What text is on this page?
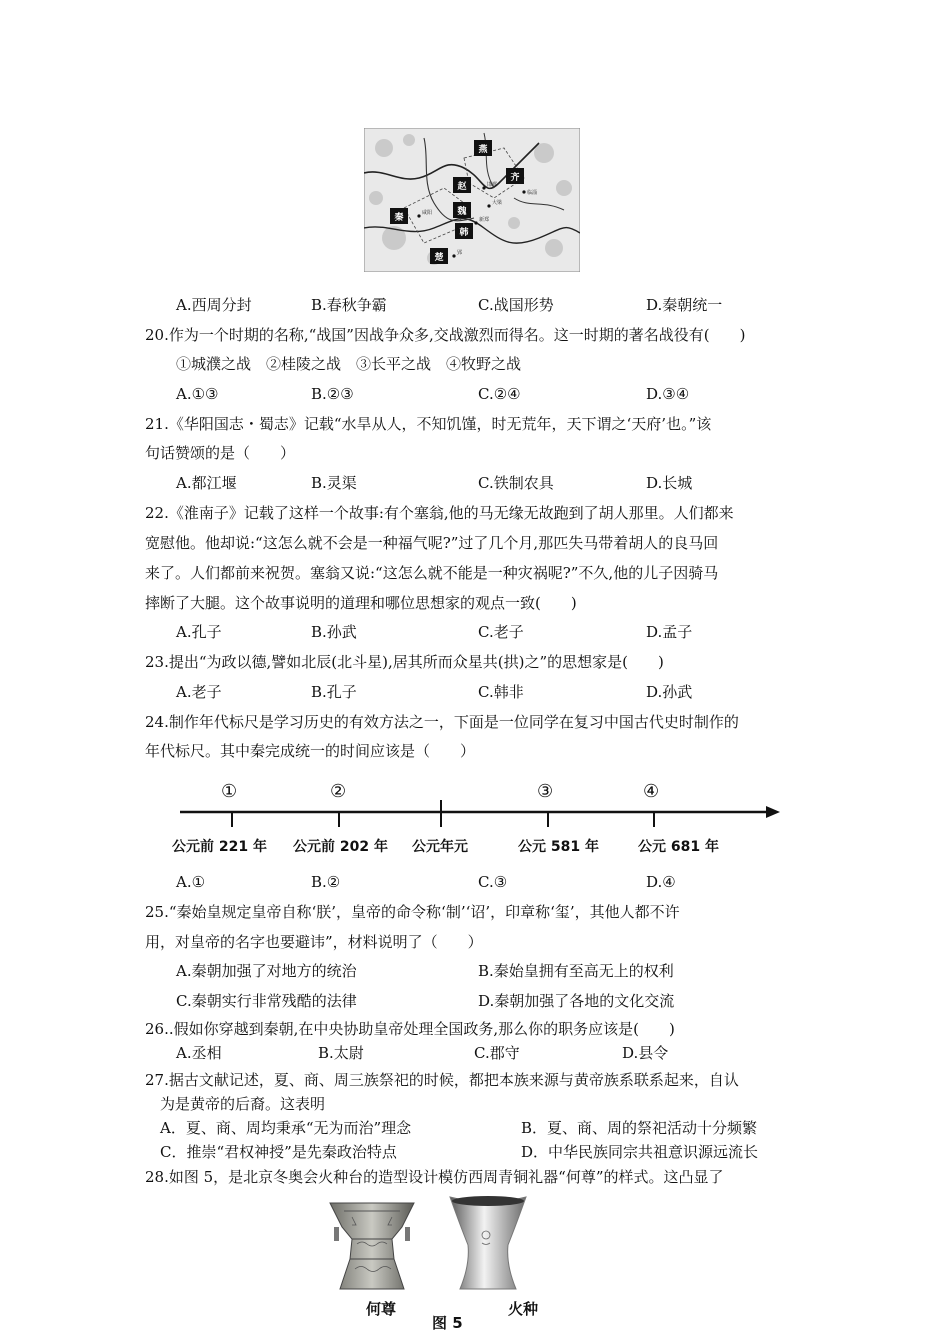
燕
齐
赵
魏
韩
秦
楚
邯郸
大梁
新郑
临淄
咸阳
郢
A.西周分封	B.春秋争霸	C.战国形势	D.秦朝统一
20.作为一个时期的名称,“战国”因战争众多,交战激烈而得名。这一时期的著名战役有(　　)
①城濮之战　②桂陵之战　③长平之战　④牧野之战
A.①③	B.②③	C.②④	D.③④
21.《华阳国志・蜀志》记载“水旱从人，不知饥馑，时无荒年，天下谓之‘天府’也。”该
句话赞颂的是（　　）
A.都江堰	B.灵渠	C.铁制农具	D.长城
22.《淮南子》记载了这样一个故事:有个塞翁,他的马无缘无故跑到了胡人那里。人们都来
宽慰他。他却说:“这怎么就不会是一种福气呢?”过了几个月,那匹失马带着胡人的良马回
来了。人们都前来祝贺。塞翁又说:“这怎么就不能是一种灾祸呢?”不久,他的儿子因骑马
摔断了大腿。这个故事说明的道理和哪位思想家的观点一致(　　)
A.孔子	B.孙武	C.老子	D.孟子
23.提出“为政以德,譬如北辰(北斗星),居其所而众星共(拱)之”的思想家是(　　)
A.老子	B.孔子	C.韩非	D.孙武
24.制作年代标尺是学习历史的有效方法之一，下面是一位同学在复习中国古代史时制作的
年代标尺。其中秦完成统一的时间应该是（　　）
①	②	③	④
公元前 221 年 公元前 202 年 公元年元	公元 581 年	公元 681 年
A.①	B.②	C.③	D.④
25.“秦始皇规定皇帝自称‘朕’，皇帝的命令称‘制’‘诏’，印章称‘玺’，其他人都不许
用，对皇帝的名字也要避讳”，材料说明了（　　）
A.秦朝加强了对地方的统治	B.秦始皇拥有至高无上的权利
C.秦朝实行非常残酷的法律	D.秦朝加强了各地的文化交流
26..假如你穿越到秦朝,在中央协助皇帝处理全国政务,那么你的职务应该是(　　)
A.丞相	B.太尉	C.郡守	D.县令
27.据古文献记述，夏、商、周三族祭祀的时候，都把本族来源与黄帝族系联系起来，自认
为是黄帝的后裔。这表明
A．夏、商、周均秉承“无为而治”理念	B．夏、商、周的祭祀活动十分频繁
C．推崇“君权神授”是先秦政治特点	D．中华民族同宗共祖意识源远流长
28.如图 5，是北京冬奥会火种台的造型设计模仿西周青铜礼器“何尊”的样式。这凸显了
何尊	火种
图 5
